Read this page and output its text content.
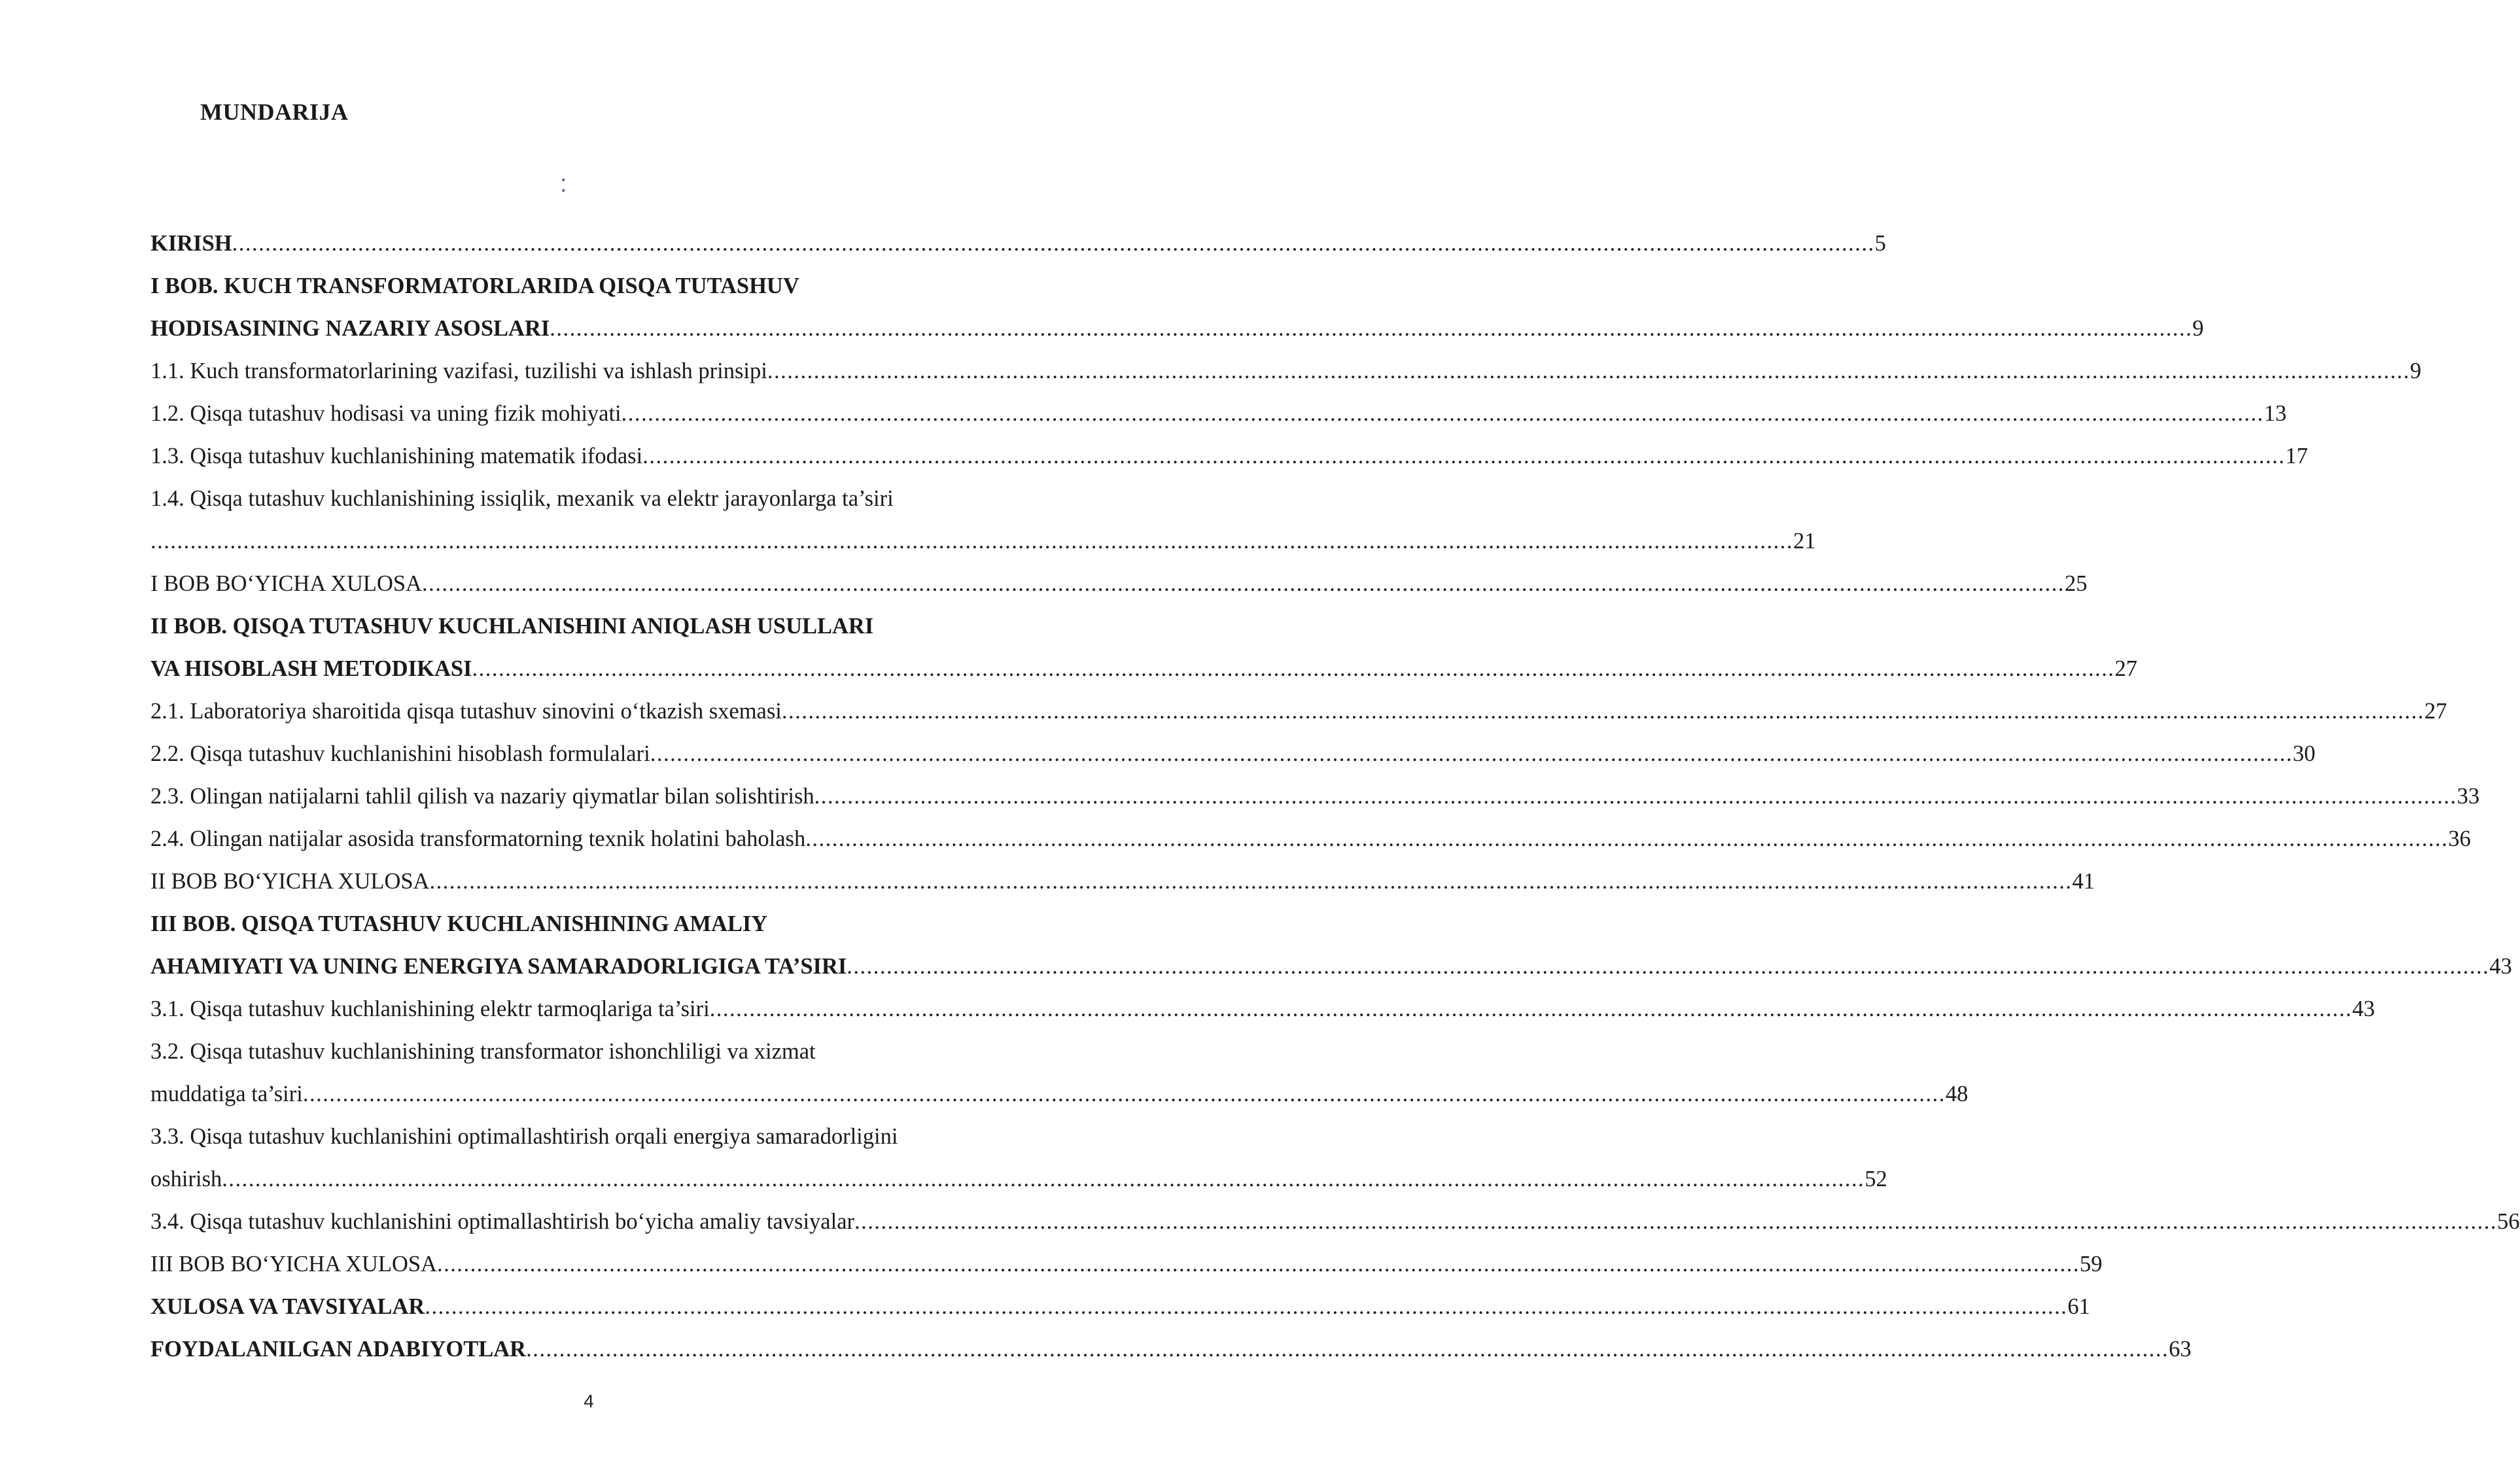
MUNDARIJA
:
KIRISH ........................................................................................................................................................................................................................................................ 5
I BOB. KUCH TRANSFORMATORLARIDA QISQA TUTASHUV
HODISASINING NAZARIY ASOSLARI ........................................................................................................................................................................................................................................................ 9
1.1. Kuch transformatorlarining vazifasi, tuzilishi va ishlash prinsipi ........................................................................................................................................................................................................................................................ 9
1.2. Qisqa tutashuv hodisasi va uning fizik mohiyati ........................................................................................................................................................................................................................................................ 13
1.3. Qisqa tutashuv kuchlanishining matematik ifodasi ........................................................................................................................................................................................................................................................ 17
1.4. Qisqa tutashuv kuchlanishining issiqlik, mexanik va elektr jarayonlarga ta’siri
........................................................................................................................................................................................................................................................ 21
I BOB BO‘YICHA XULOSA ........................................................................................................................................................................................................................................................ 25
II BOB. QISQA TUTASHUV KUCHLANISHINI ANIQLASH USULLARI
VA HISOBLASH METODIKASI ........................................................................................................................................................................................................................................................ 27
2.1. Laboratoriya sharoitida qisqa tutashuv sinovini o‘tkazish sxemasi ........................................................................................................................................................................................................................................................ 27
2.2. Qisqa tutashuv kuchlanishini hisoblash formulalari ........................................................................................................................................................................................................................................................ 30
2.3. Olingan natijalarni tahlil qilish va nazariy qiymatlar bilan solishtirish ........................................................................................................................................................................................................................................................ 33
2.4. Olingan natijalar asosida transformatorning texnik holatini baholash ........................................................................................................................................................................................................................................................ 36
II BOB BO‘YICHA XULOSA ........................................................................................................................................................................................................................................................ 41
III BOB. QISQA TUTASHUV KUCHLANISHINING AMALIY
AHAMIYATI VA UNING ENERGIYA SAMARADORLIGIGA TA’SIRI ........................................................................................................................................................................................................................................................ 43
3.1. Qisqa tutashuv kuchlanishining elektr tarmoqlariga ta’siri ........................................................................................................................................................................................................................................................ 43
3.2. Qisqa tutashuv kuchlanishining transformator ishonchliligi va xizmat
muddatiga ta’siri ........................................................................................................................................................................................................................................................ 48
3.3. Qisqa tutashuv kuchlanishini optimallashtirish orqali energiya samaradorligini
oshirish ........................................................................................................................................................................................................................................................ 52
3.4. Qisqa tutashuv kuchlanishini optimallashtirish bo‘yicha amaliy tavsiyalar ........................................................................................................................................................................................................................................................ 56
III BOB BO‘YICHA XULOSA ........................................................................................................................................................................................................................................................ 59
XULOSA VA TAVSIYALAR ........................................................................................................................................................................................................................................................ 61
FOYDALANILGAN ADABIYOTLAR ........................................................................................................................................................................................................................................................ 63
4
